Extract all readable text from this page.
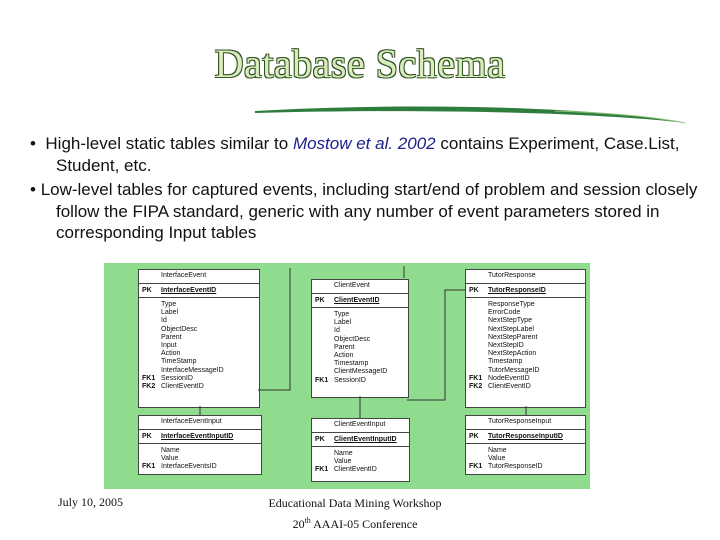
Database Schema

•  High-level static tables similar to Mostow et al. 2002 contains Experiment, Case.List, Student, etc.

• Low-level tables for captured events, including start/end of problem and session closely follow the FIPA standard, generic with any number of event parameters stored in corresponding Input tables

InterfaceEvent
PK	InterfaceEventID
Type
Label
Id
ObjectDesc
Parent
Input
Action
TimeStamp
InterfaceMessageID
FK1 SessionID
FK2 ClientEventID
ClientEvent
PK	ClientEventID
Type
Label
Id
ObjectDesc
Parent
Action
Timestamp
ClientMessageID
FK1 SessionID
TutorResponse
PK	TutorResponseID
ResponseType
ErrorCode
NextStepType
NextStepLabel
NextStepParent
NextStepID
NextStepAction
Timestamp
TutorMessageID
FK1 NodeEventID
FK2 ClientEventID
InterfaceEventInput
PK	InterfaceEventInputID
Name
Value
FK1 InterfaceEventsID
ClientEventInput
PK	ClientEventInputID
Name
Value
FK1 ClientEventID
TutorResponseInput
PK	TutorResponseInputID
Name
Value
FK1 TutorResponseID
July 10, 2005	Educational Data Mining Workshop
20th AAAI-05 Conference
